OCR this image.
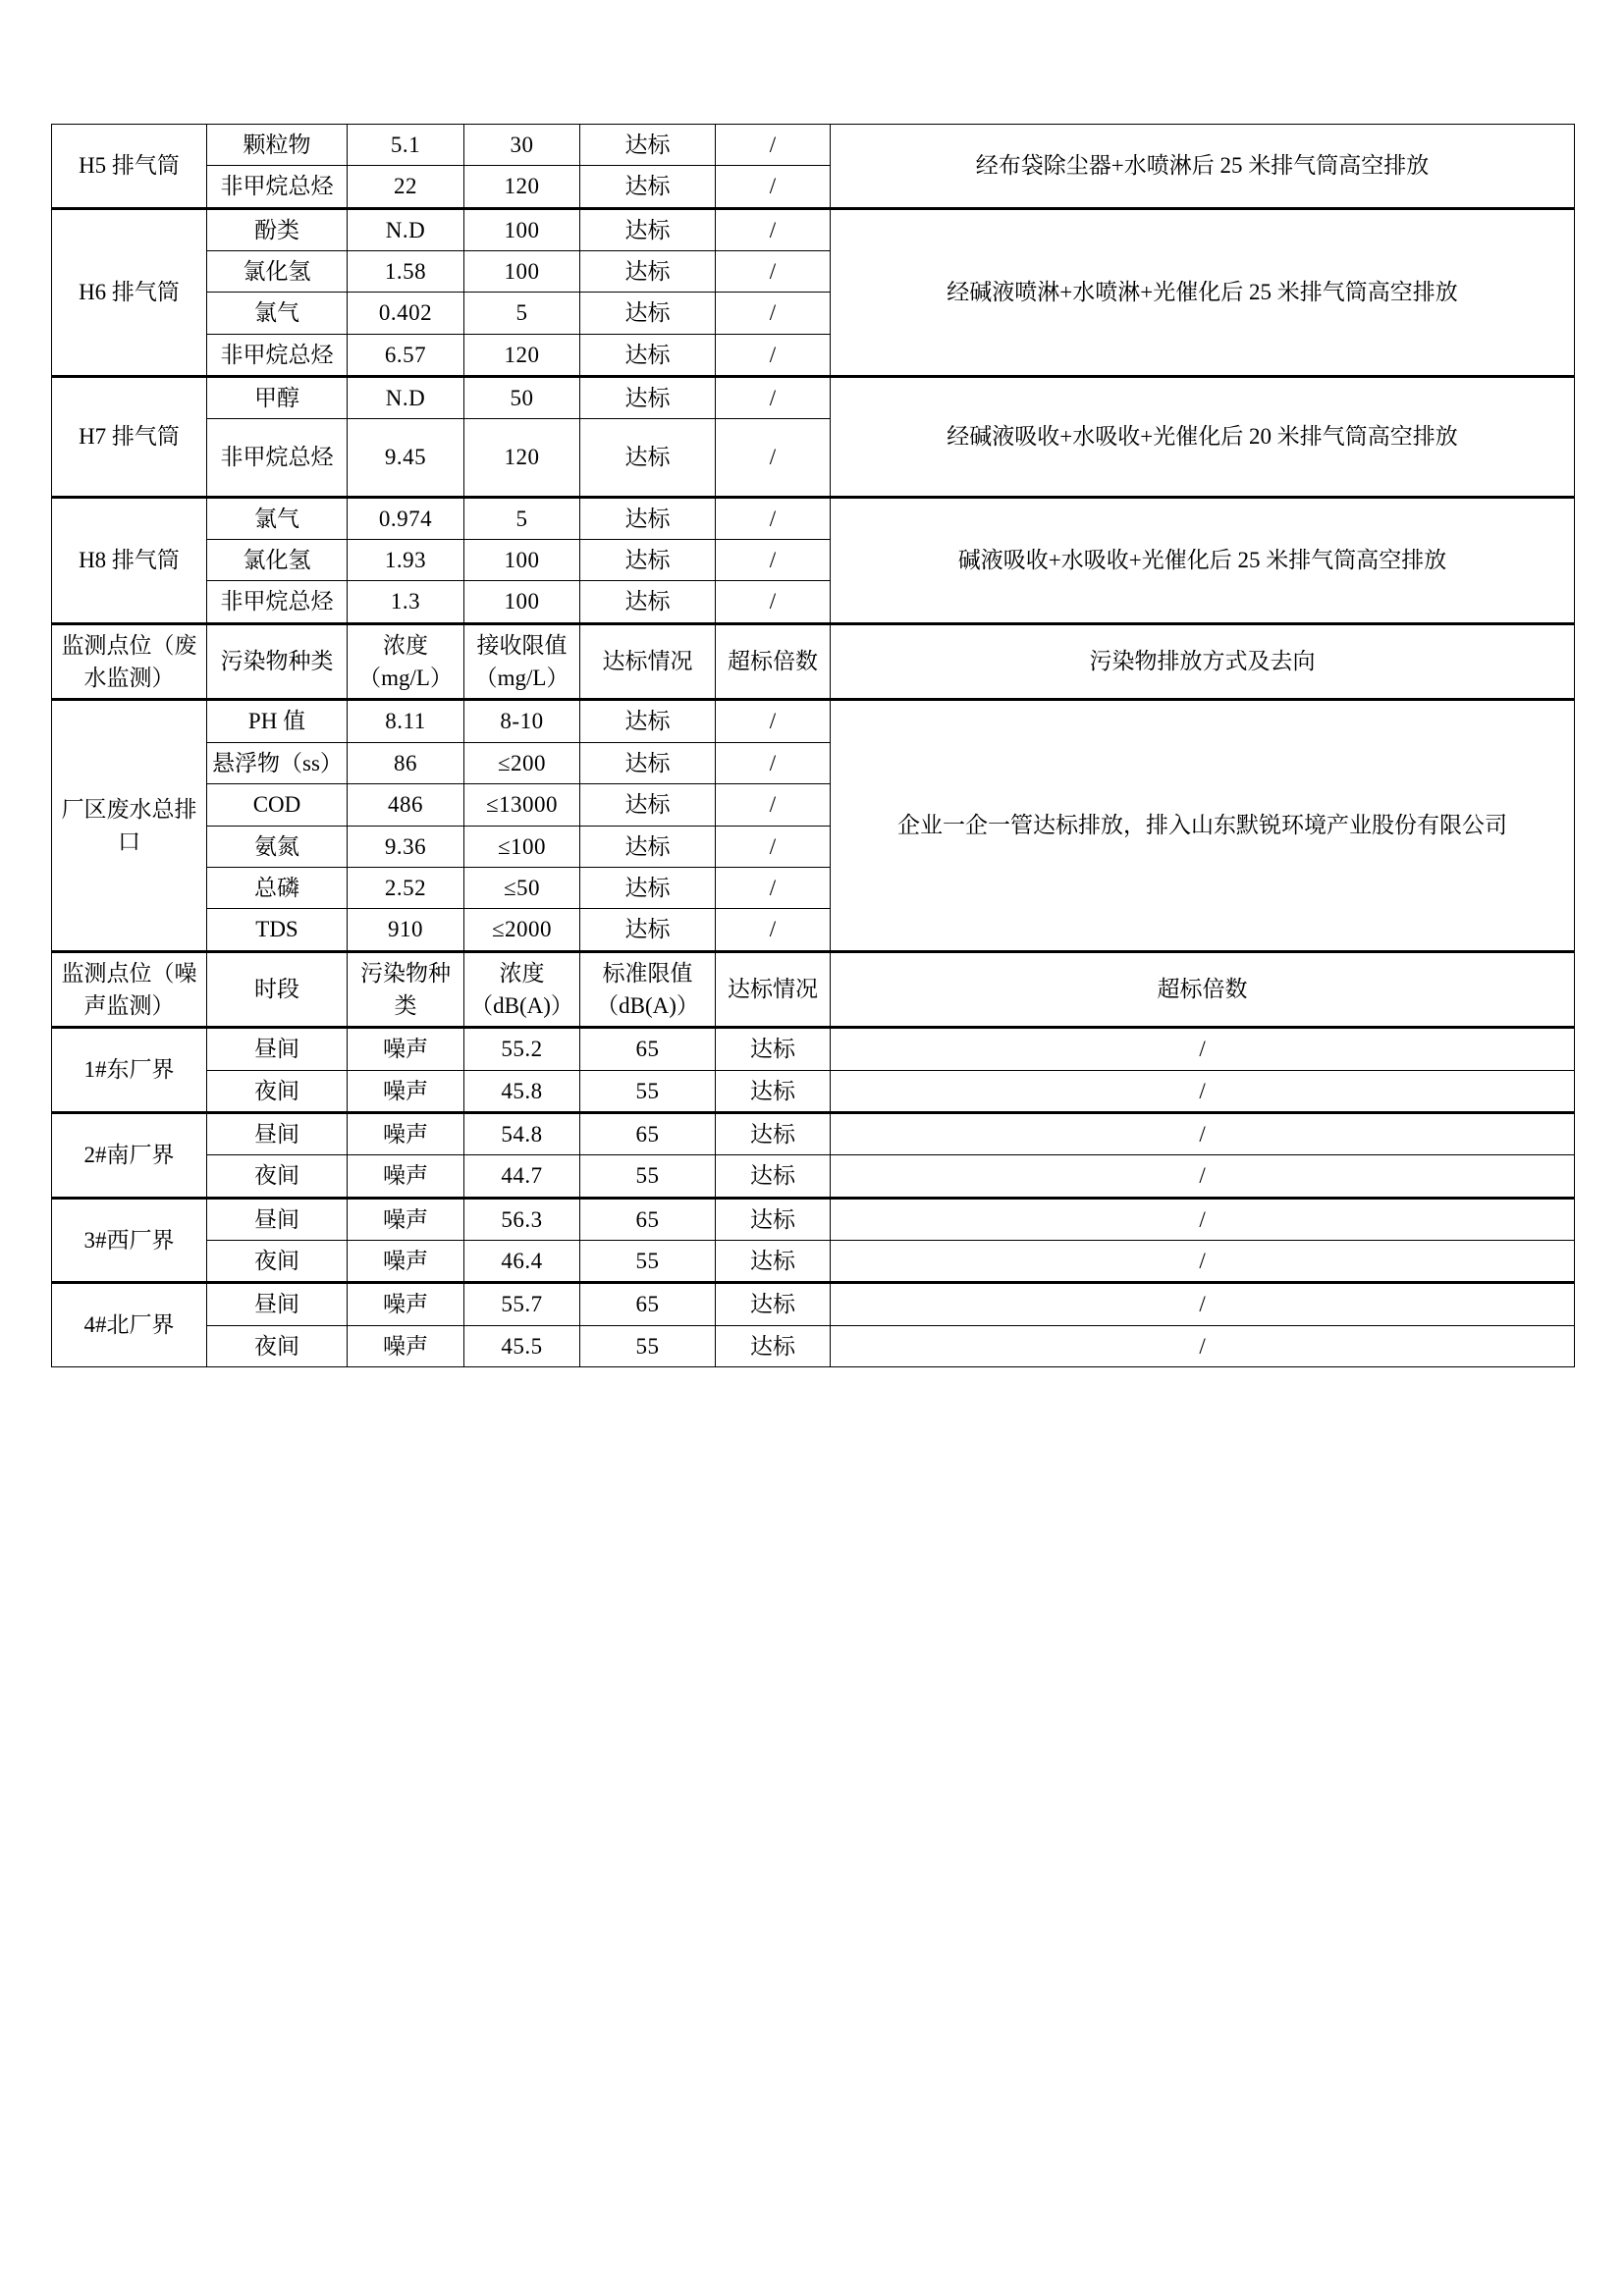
H5 排气筒	颗粒物	5.1	30	达标	/	经布袋除尘器+水喷淋后 25 米排气筒高空排放
	非甲烷总烃	22	120	达标	/	
H6 排气筒	酚类	N.D	100	达标	/	经碱液喷淋+水喷淋+光催化后 25 米排气筒高空排放
	氯化氢	1.58	100	达标	/	
	氯气	0.402	5	达标	/	
	非甲烷总烃	6.57	120	达标	/	
H7 排气筒	甲醇	N.D	50	达标	/	经碱液吸收+水吸收+光催化后 20 米排气筒高空排放
	非甲烷总烃	9.45	120	达标	/	
H8 排气筒	氯气	0.974	5	达标	/	碱液吸收+水吸收+光催化后 25 米排气筒高空排放
	氯化氢	1.93	100	达标	/	
	非甲烷总烃	1.3	100	达标	/	
监测点位（废水监测）	污染物种类	浓度（mg/L）	接收限值（mg/L）	达标情况	超标倍数	污染物排放方式及去向
厂区废水总排口	PH 值	8.11	8-10	达标	/	企业一企一管达标排放，排入山东默锐环境产业股份有限公司
	悬浮物（ss）	86	≤200	达标	/	
	COD	486	≤13000	达标	/	
	氨氮	9.36	≤100	达标	/	
	总磷	2.52	≤50	达标	/	
	TDS	910	≤2000	达标	/	
监测点位（噪声监测）	时段	污染物种类	浓度（dB(A)）	标准限值（dB(A)）	达标情况	超标倍数
1#东厂界	昼间	噪声	55.2	65	达标	/
	夜间	噪声	45.8	55	达标	/
2#南厂界	昼间	噪声	54.8	65	达标	/
	夜间	噪声	44.7	55	达标	/
3#西厂界	昼间	噪声	56.3	65	达标	/
	夜间	噪声	46.4	55	达标	/
4#北厂界	昼间	噪声	55.7	65	达标	/
	夜间	噪声	45.5	55	达标	/
